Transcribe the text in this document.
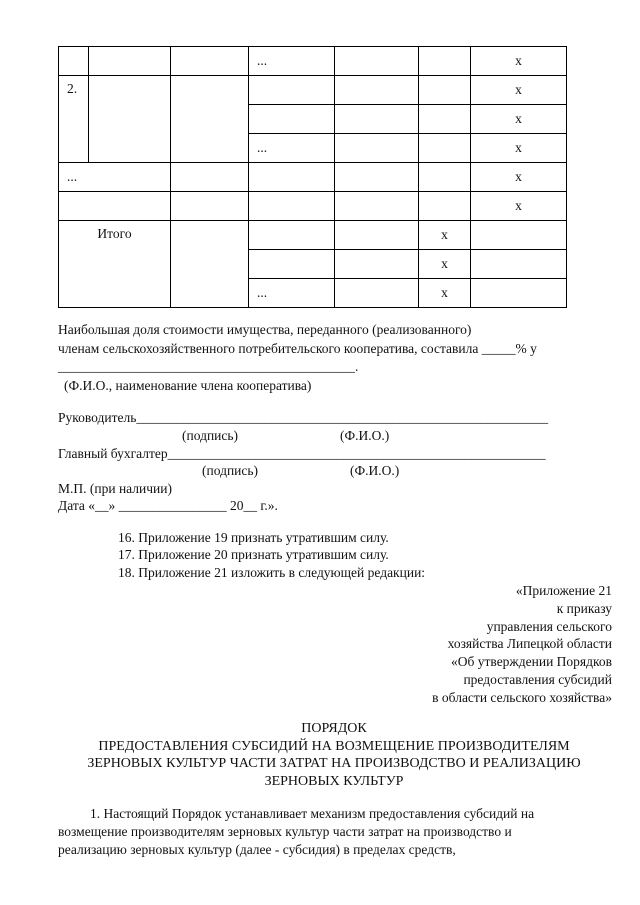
			...			х
2.						х
						х
			...			х
...						х
						х
Итого					х	
					х	
			...		х	
Наибольшая доля стоимости имущества, переданного (реализованного)
членам сельскохозяйственного потребительского кооператива, составила _____% у
____________________________________________.
(Ф.И.О., наименование члена кооператива)
Руководитель_____________________________________________________________
(подпись)	(Ф.И.О.)
Главный бухгалтер________________________________________________________
(подпись)	(Ф.И.О.)
М.П. (при наличии)
Дата «__» ________________ 20__ г.».
16. Приложение 19 признать утратившим силу.
17. Приложение 20 признать утратившим силу.
18. Приложение 21 изложить в следующей редакции:
«Приложение 21
к приказу
управления сельского
хозяйства Липецкой области
«Об утверждении Порядков
предоставления субсидий
в области сельского хозяйства»
ПОРЯДОК
ПРЕДОСТАВЛЕНИЯ СУБСИДИЙ НА ВОЗМЕЩЕНИЕ ПРОИЗВОДИТЕЛЯМ
ЗЕРНОВЫХ КУЛЬТУР ЧАСТИ ЗАТРАТ НА ПРОИЗВОДСТВО И РЕАЛИЗАЦИЮ
ЗЕРНОВЫХ КУЛЬТУР
1. Настоящий Порядок устанавливает механизм предоставления субсидий на
возмещение производителям зерновых культур части затрат на производство и
реализацию зерновых культур (далее - субсидия) в пределах средств,
